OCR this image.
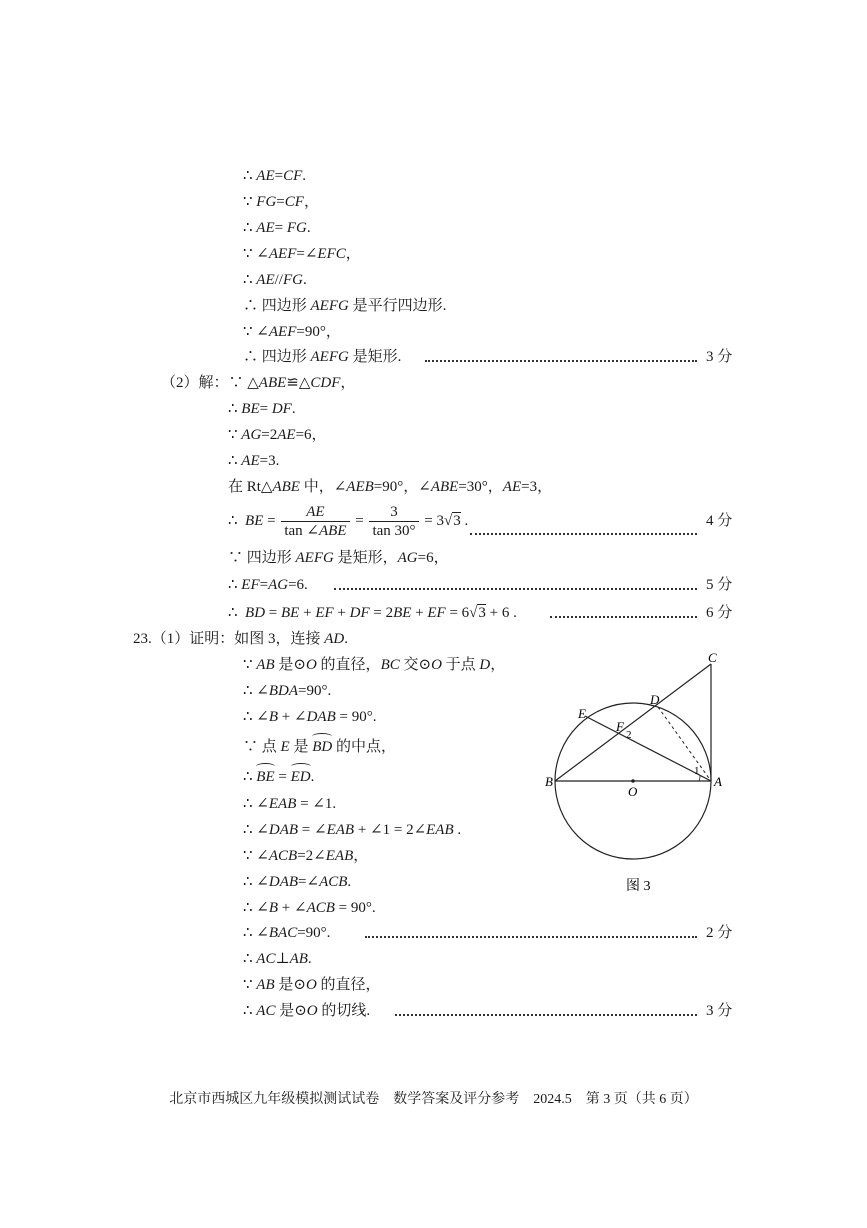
∴ AE=CF.
∵ FG=CF，
∴ AE= FG.
∵ ∠AEF=∠EFC，
∴ AE//FG.
∴ 四边形 AEFG 是平行四边形.
∵ ∠AEF=90°，
∴ 四边形 AEFG 是矩形.	3 分
（2）解：∵ △ABE≌△CDF，
∴ BE= DF.
∵ AG=2AE=6，
∴ AE=3.
在 Rt△ABE 中，∠AEB=90°，∠ABE=30°，AE=3，
∴  BE = $\frac{AE}{\text{tan ∠ABE}} = \frac{3}{\tan 30^\circ} = 3√3$ .	4 分
∵ 四边形 AEFG 是矩形，AG=6，
∴ EF=AG=6.	5 分
∴  BD = BE + EF + DF = 2BE + EF = 6√3 + 6 .	6 分
23.（1）证明：如图 3，连接 AD.
∵ AB 是⊙O 的直径，BC 交⊙O 于点 D，
∴ ∠BDA=90°.
∴ ∠B + ∠DAB = 90°.
∵ 点 E 是 BD 的中点，
∴ BE = ED.
∴ ∠EAB = ∠1.
∴ ∠DAB = ∠EAB + ∠1 = 2∠EAB .
∵ ∠ACB=2∠EAB，
∴ ∠DAB=∠ACB.
∴ ∠B + ∠ACB = 90°.
∴ ∠BAC=90°.	2 分
∴ AC⊥AB.
∵ AB 是⊙O 的直径，
∴ AC 是⊙O 的切线.	3 分
C
D
E
F
2
1
B	A
O
图 3
北京市西城区九年级模拟测试试卷    数学答案及评分参考    2024.5    第 3 页（共 6 页）
